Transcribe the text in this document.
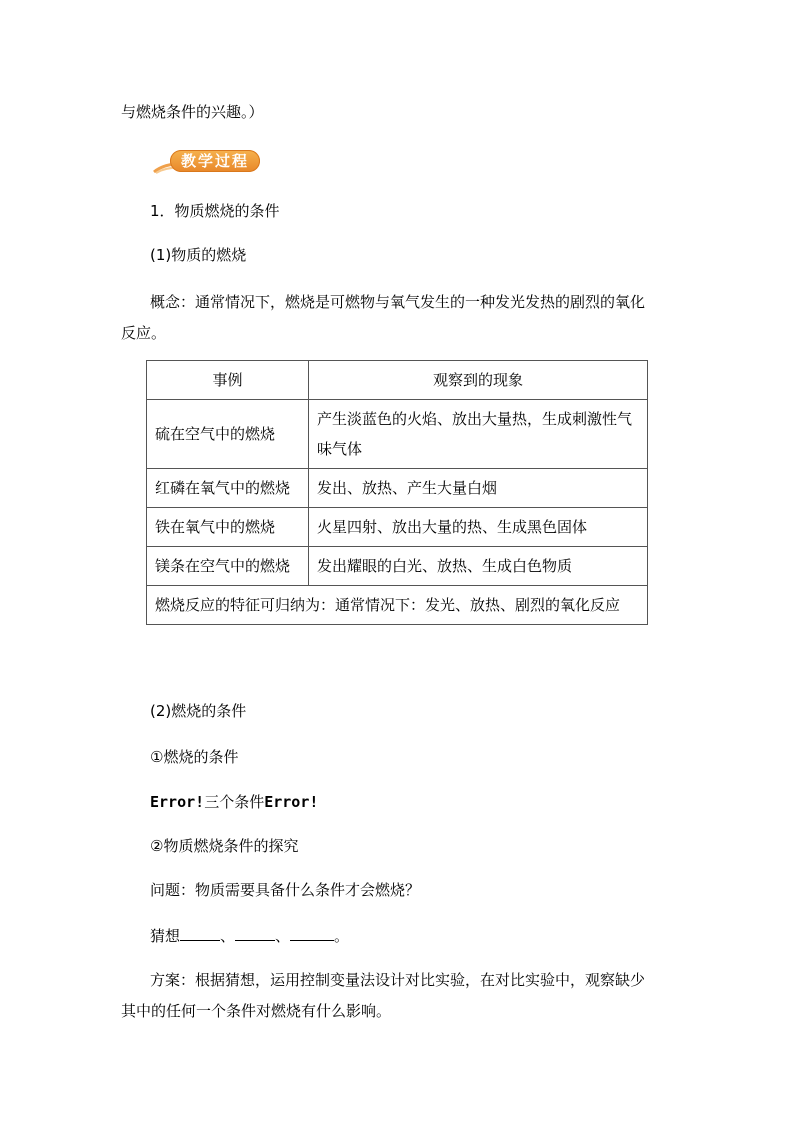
与燃烧条件的兴趣。）
教学过程
1．物质燃烧的条件
(1)物质的燃烧
概念：通常情况下，燃烧是可燃物与氧气发生的一种发光发热的剧烈的氧化
反应。
事例	观察到的现象
硫在空气中的燃烧	产生淡蓝色的火焰、放出大量热，生成刺激性气味气体
红磷在氧气中的燃烧	发出、放热、产生大量白烟
铁在氧气中的燃烧	火星四射、放出大量的热、生成黑色固体
镁条在空气中的燃烧	发出耀眼的白光、放热、生成白色物质
燃烧反应的特征可归纳为：通常情况下：发光、放热、剧烈的氧化反应	
(2)燃烧的条件
①燃烧的条件
Error!三个条件Error!
②物质燃烧条件的探究
问题：物质需要具备什么条件才会燃烧？
猜想	、	、	。
方案：根据猜想，运用控制变量法设计对比实验，在对比实验中，观察缺少
其中的任何一个条件对燃烧有什么影响。
